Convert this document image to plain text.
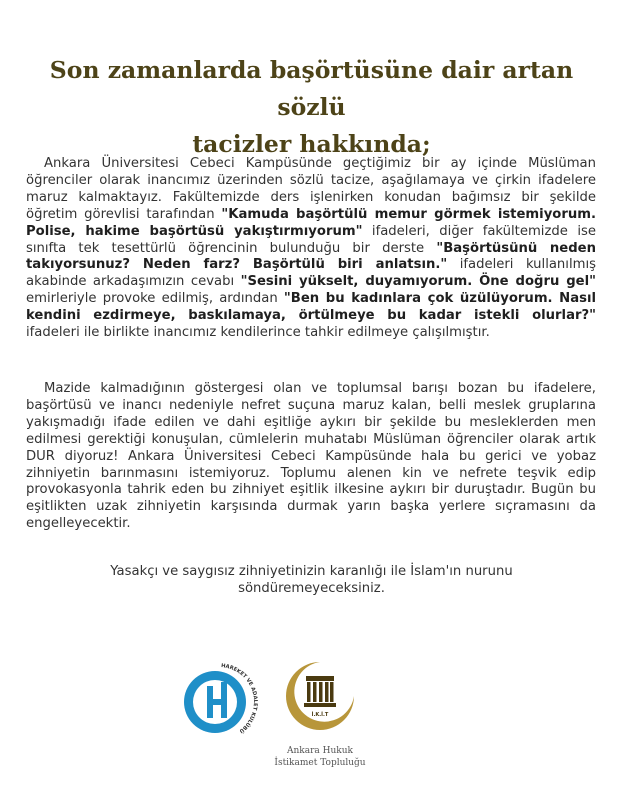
Son zamanlarda başörtüsüne dair artan sözlü
tacizler hakkında;
Ankara Üniversitesi Cebeci Kampüsünde geçtiğimiz bir ay içinde Müslüman öğrenciler olarak inancımız üzerinden sözlü tacize, aşağılamaya ve çirkin ifadelere maruz kalmaktayız. Fakültemizde ders işlenirken konudan bağımsız bir şekilde öğretim görevlisi tarafından "Kamuda başörtülü memur görmek istemiyorum. Polise, hakime başörtüsü yakıştırmıyorum" ifadeleri, diğer fakültemizde ise sınıfta tek tesettürlü öğrencinin bulunduğu bir derste "Başörtüsünü neden takıyorsunuz? Neden farz? Başörtülü biri anlatsın." ifadeleri kullanılmış akabinde arkadaşımızın cevabı "Sesini yükselt, duyamıyorum. Öne doğru gel" emirleriyle provoke edilmiş, ardından "Ben bu kadınlara çok üzülüyorum. Nasıl kendini ezdirmeye, baskılamaya, örtülmeye bu kadar istekli olurlar?" ifadeleri ile birlikte inancımız kendilerince tahkir edilmeye çalışılmıştır.
Mazide kalmadığının göstergesi olan ve toplumsal barışı bozan bu ifadelere, başörtüsü ve inancı nedeniyle nefret suçuna maruz kalan, belli meslek gruplarına yakışmadığı ifade edilen ve dahi eşitliğe aykırı bir şekilde bu mesleklerden men edilmesi gerektiği konuşulan, cümlelerin muhatabı Müslüman öğrenciler olarak artık DUR diyoruz! Ankara Üniversitesi Cebeci Kampüsünde hala bu gerici ve yobaz zihniyetin barınmasını istemiyoruz. Toplumu alenen kin ve nefrete teşvik edip provokasyonla tahrik eden bu zihniyet eşitlik ilkesine aykırı bir duruştadır. Bugün bu eşitlikten uzak zihniyetin karşısında durmak yarın başka yerlere sıçramasını da engelleyecektir.
Yasakçı ve saygısız zihniyetinizin karanlığı ile İslam'ın nurunu
söndüremeyeceksiniz.
HAREKET VE ADALET KULÜBÜ
İ.K.İ.T
Ankara Hukuk
İstikamet Topluluğu
